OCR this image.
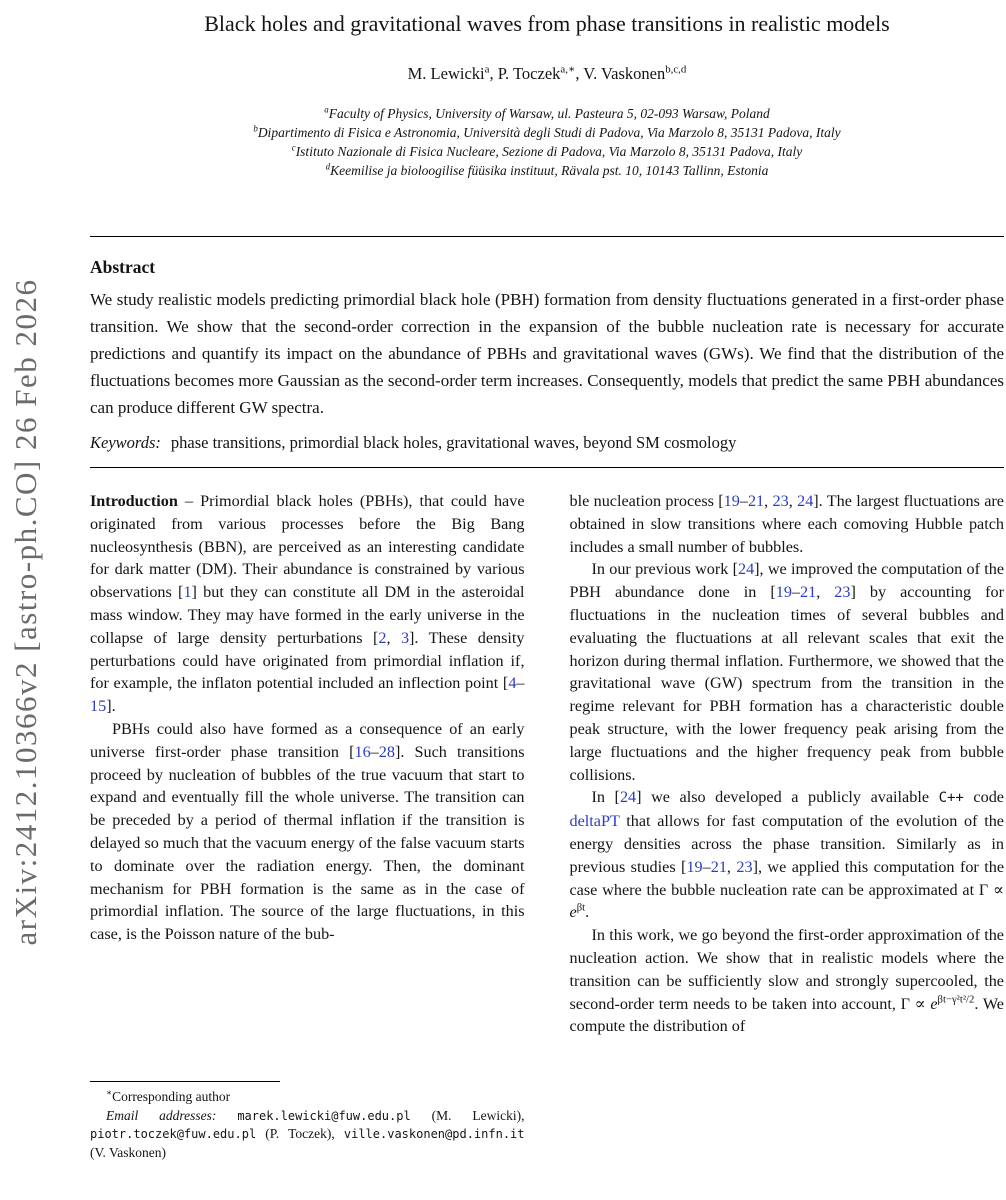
arXiv:2412.10366v2 [astro-ph.CO] 26 Feb 2026
Black holes and gravitational waves from phase transitions in realistic models
M. Lewicki$^a$, P. Toczek$^{a,∗}$, V. Vaskonen$^{b,c,d}$
$^a$Faculty of Physics, University of Warsaw, ul. Pasteura 5, 02-093 Warsaw, Poland
$^b$Dipartimento di Fisica e Astronomia, Università degli Studi di Padova, Via Marzolo 8, 35131 Padova, Italy
$^c$Istituto Nazionale di Fisica Nucleare, Sezione di Padova, Via Marzolo 8, 35131 Padova, Italy
$^d$Keemilise ja bioloogilise füüsika instituut, Rävala pst. 10, 10143 Tallinn, Estonia
Abstract

We study realistic models predicting primordial black hole (PBH) formation from density fluctuations generated in a first-order phase transition. We show that the second-order correction in the expansion of the bubble nucleation rate is necessary for accurate predictions and quantify its impact on the abundance of PBHs and gravitational waves (GWs). We find that the distribution of the fluctuations becomes more Gaussian as the second-order term increases. Consequently, models that predict the same PBH abundances can produce different GW spectra.

Keywords: phase transitions, primordial black holes, gravitational waves, beyond SM cosmology
Introduction – Primordial black holes (PBHs), that could have originated from various processes before the Big Bang nucleosynthesis (BBN), are perceived as an interesting candidate for dark matter (DM). Their abundance is constrained by various observations [1] but they can constitute all DM in the asteroidal mass window. They may have formed in the early universe in the collapse of large density perturbations [2, 3]. These density perturbations could have originated from primordial inflation if, for example, the inflaton potential included an inflection point [4–15].
PBHs could also have formed as a consequence of an early universe first-order phase transition [16–28]. Such transitions proceed by nucleation of bubbles of the true vacuum that start to expand and eventually fill the whole universe. The transition can be preceded by a period of thermal inflation if the transition is delayed so much that the vacuum energy of the false vacuum starts to dominate over the radiation energy. Then, the dominant mechanism for PBH formation is the same as in the case of primordial inflation. The source of the large fluctuations, in this case, is the Poisson nature of the bub-
∗Corresponding author
Email addresses: marek.lewicki@fuw.edu.pl (M. Lewicki), piotr.toczek@fuw.edu.pl (P. Toczek), ville.vaskonen@pd.infn.it (V. Vaskonen)
ble nucleation process [19–21, 23, 24]. The largest fluctuations are obtained in slow transitions where each comoving Hubble patch includes a small number of bubbles.
In our previous work [24], we improved the computation of the PBH abundance done in [19–21, 23] by accounting for fluctuations in the nucleation times of several bubbles and evaluating the fluctuations at all relevant scales that exit the horizon during thermal inflation. Furthermore, we showed that the gravitational wave (GW) spectrum from the transition in the regime relevant for PBH formation has a characteristic double peak structure, with the lower frequency peak arising from the large fluctuations and the higher frequency peak from bubble collisions.
In [24] we also developed a publicly available C++ code deltaPT that allows for fast computation of the evolution of the energy densities across the phase transition. Similarly as in previous studies [19–21, 23], we applied this computation for the case where the bubble nucleation rate can be approximated at $\Gamma \propto e^{\beta t}$.
In this work, we go beyond the first-order approximation of the nucleation action. We show that in realistic models where the transition can be sufficiently slow and strongly supercooled, the second-order term needs to be taken into account, $\Gamma \propto e^{\beta t-\gamma^2t^2/2}$. We compute the distribution of
